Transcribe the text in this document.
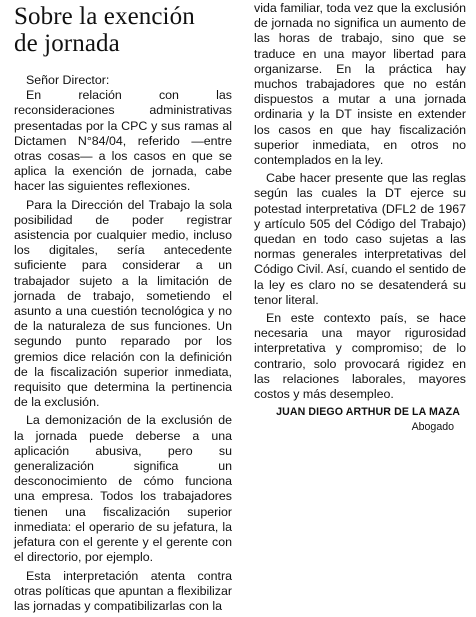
Sobre la exención
de jornada
Señor Director:

En relación con las reconsideraciones administrativas presentadas por la CPC y sus ramas al Dictamen N°84/04, referido —entre otras cosas— a los casos en que se aplica la exención de jornada, cabe hacer las siguientes reflexiones.

Para la Dirección del Trabajo la sola posibilidad de poder registrar asistencia por cualquier medio, incluso los digitales, sería antecedente suficiente para considerar a un trabajador sujeto a la limitación de jornada de trabajo, sometiendo el asunto a una cuestión tecnológica y no de la naturaleza de sus funciones. Un segundo punto reparado por los gremios dice relación con la definición de la fiscalización superior inmediata, requisito que determina la pertinencia de la exclusión.

La demonización de la exclusión de la jornada puede deberse a una aplicación abusiva, pero su generalización significa un desconocimiento de cómo funciona una empresa. Todos los trabajadores tienen una fiscalización superior inmediata: el operario de su jefatura, la jefatura con el gerente y el gerente con el directorio, por ejemplo.

Esta interpretación atenta contra otras políticas que apuntan a flexibilizar las jornadas y compatibilizarlas con la

vida familiar, toda vez que la exclusión de jornada no significa un aumento de las horas de trabajo, sino que se traduce en una mayor libertad para organizarse. En la práctica hay muchos trabajadores que no están dispuestos a mutar a una jornada ordinaria y la DT insiste en extender los casos en que hay fiscalización superior inmediata, en otros no contemplados en la ley.

Cabe hacer presente que las reglas según las cuales la DT ejerce su potestad interpretativa (DFL2 de 1967 y artículo 505 del Código del Trabajo) quedan en todo caso sujetas a las normas generales interpretativas del Código Civil. Así, cuando el sentido de la ley es claro no se desatenderá su tenor literal.

En este contexto país, se hace necesaria una mayor rigurosidad interpretativa y compromiso; de lo contrario, solo provocará rigidez en las relaciones laborales, mayores costos y más desempleo.

JUAN DIEGO ARTHUR DE LA MAZA
Abogado
